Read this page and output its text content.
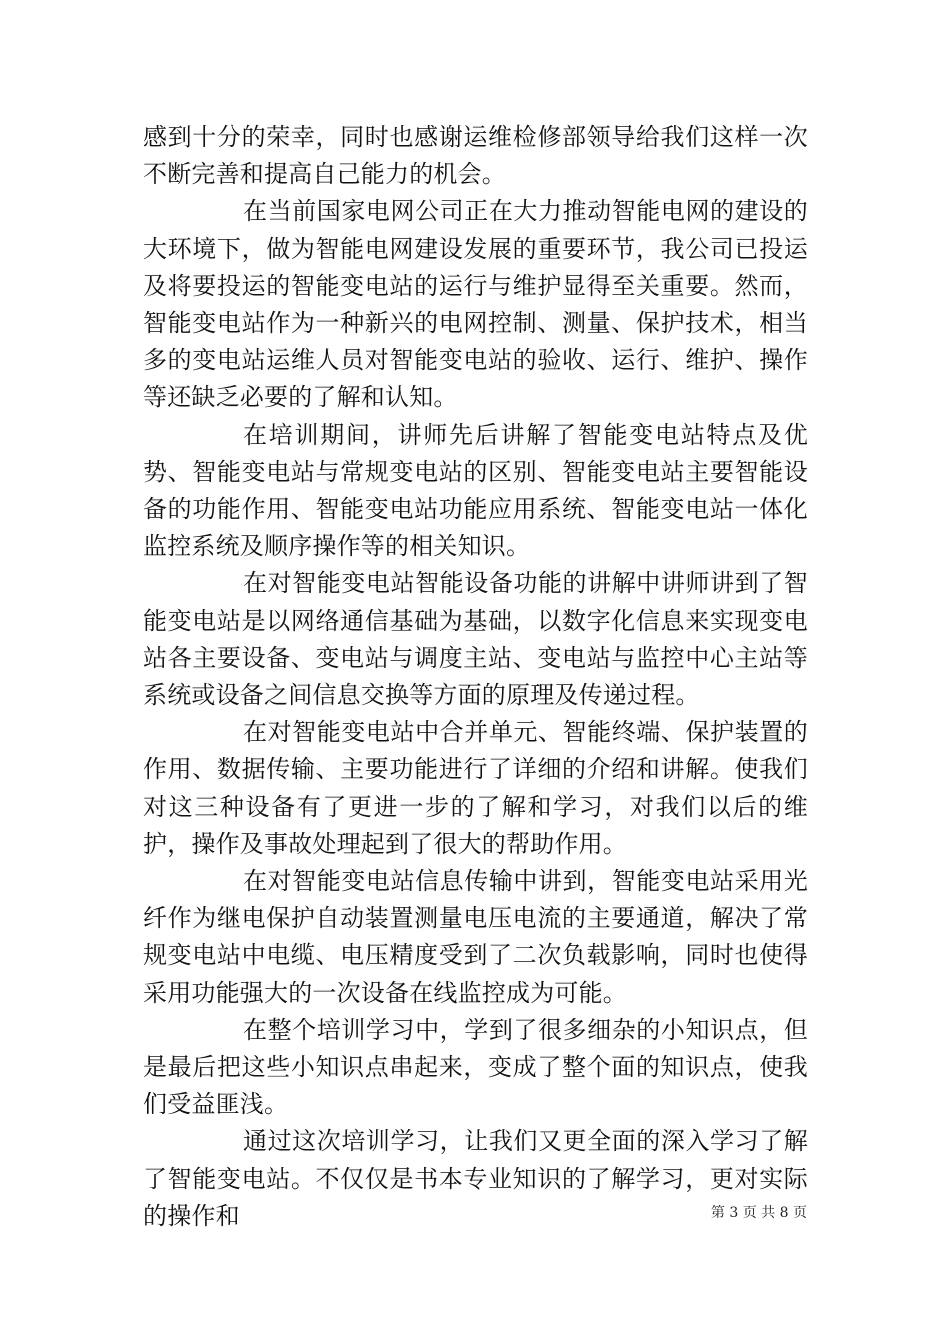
感到十分的荣幸，同时也感谢运维检修部领导给我们这样一次不断完善和提高自己能力的机会。

在当前国家电网公司正在大力推动智能电网的建设的大环境下，做为智能电网建设发展的重要环节，我公司已投运及将要投运的智能变电站的运行与维护显得至关重要。然而，智能变电站作为一种新兴的电网控制、测量、保护技术，相当多的变电站运维人员对智能变电站的验收、运行、维护、操作等还缺乏必要的了解和认知。

在培训期间，讲师先后讲解了智能变电站特点及优势、智能变电站与常规变电站的区别、智能变电站主要智能设备的功能作用、智能变电站功能应用系统、智能变电站一体化监控系统及顺序操作等的相关知识。

在对智能变电站智能设备功能的讲解中讲师讲到了智能变电站是以网络通信基础为基础，以数字化信息来实现变电站各主要设备、变电站与调度主站、变电站与监控中心主站等系统或设备之间信息交换等方面的原理及传递过程。

在对智能变电站中合并单元、智能终端、保护装置的作用、数据传输、主要功能进行了详细的介绍和讲解。使我们对这三种设备有了更进一步的了解和学习，对我们以后的维护，操作及事故处理起到了很大的帮助作用。

在对智能变电站信息传输中讲到，智能变电站采用光纤作为继电保护自动装置测量电压电流的主要通道，解决了常规变电站中电缆、电压精度受到了二次负载影响，同时也使得采用功能强大的一次设备在线监控成为可能。

在整个培训学习中，学到了很多细杂的小知识点，但是最后把这些小知识点串起来，变成了整个面的知识点，使我们受益匪浅。

通过这次培训学习，让我们又更全面的深入学习了解了智能变电站。不仅仅是书本专业知识的了解学习，更对实际的操作和	第 3 页 共 8 页
